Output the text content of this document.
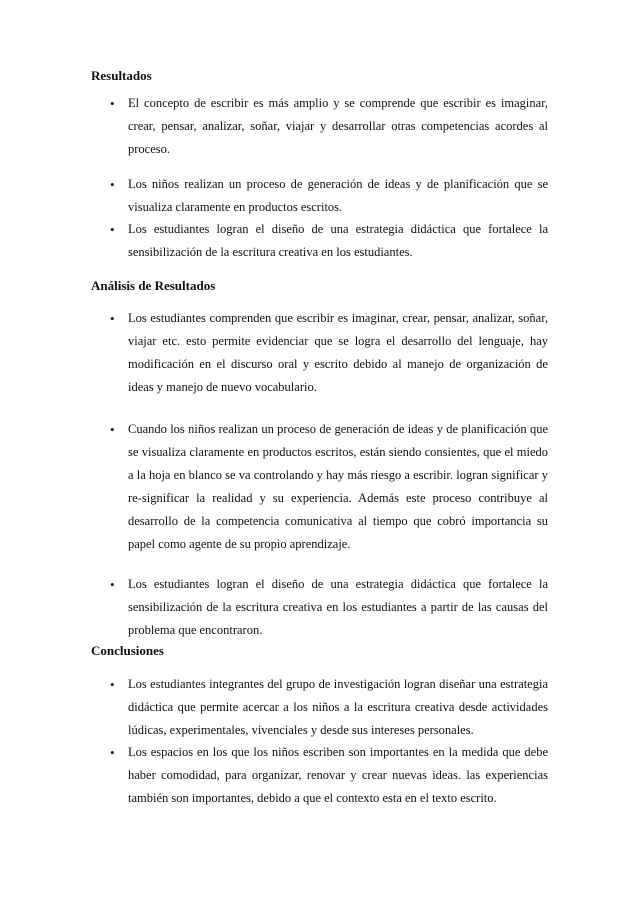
Resultados
• El concepto de escribir es más amplio y se comprende que escribir es imaginar, crear, pensar, analizar, soñar, viajar y desarrollar otras competencias acordes al proceso.
• Los niños realizan un proceso de generación de ideas y de planificación que se visualiza claramente en productos escritos.
• Los estudiantes logran el diseño de una estrategia didáctica que fortalece la sensibilización de la escritura creativa en los estudiantes.
Análisis de Resultados
• Los estudiantes comprenden que escribir es imaginar, crear, pensar, analizar, soñar, viajar etc. esto permite evidenciar que se logra el desarrollo del lenguaje, hay modificación en el discurso oral y escrito debido al manejo de organización de ideas y manejo de nuevo vocabulario.
• Cuando los niños realizan un proceso de generación de ideas y de planificación que se visualiza claramente en productos escritos, están siendo consientes, que el miedo a la hoja en blanco se va controlando y hay más riesgo a escribir. logran significar y re-significar la realidad y su experiencia. Además este proceso contribuye al desarrollo de la competencia comunicativa al tiempo que cobró importancia su papel como agente de su propio aprendizaje.
• Los estudiantes logran el diseño de una estrategia didáctica que fortalece la sensibilización de la escritura creativa en los estudiantes a partir de las causas del problema que encontraron.
Conclusiones
• Los estudiantes integrantes del grupo de investigación logran diseñar una estrategia didáctica que permite acercar a los niños a la escritura creativa desde actividades lúdicas, experimentales, vivenciales y desde sus intereses personales.
• Los espacios en los que los niños escriben son importantes en la medida que debe haber comodidad, para organizar, renovar y crear nuevas ideas. las experiencias también son importantes, debido a que el contexto esta en el texto escrito.
